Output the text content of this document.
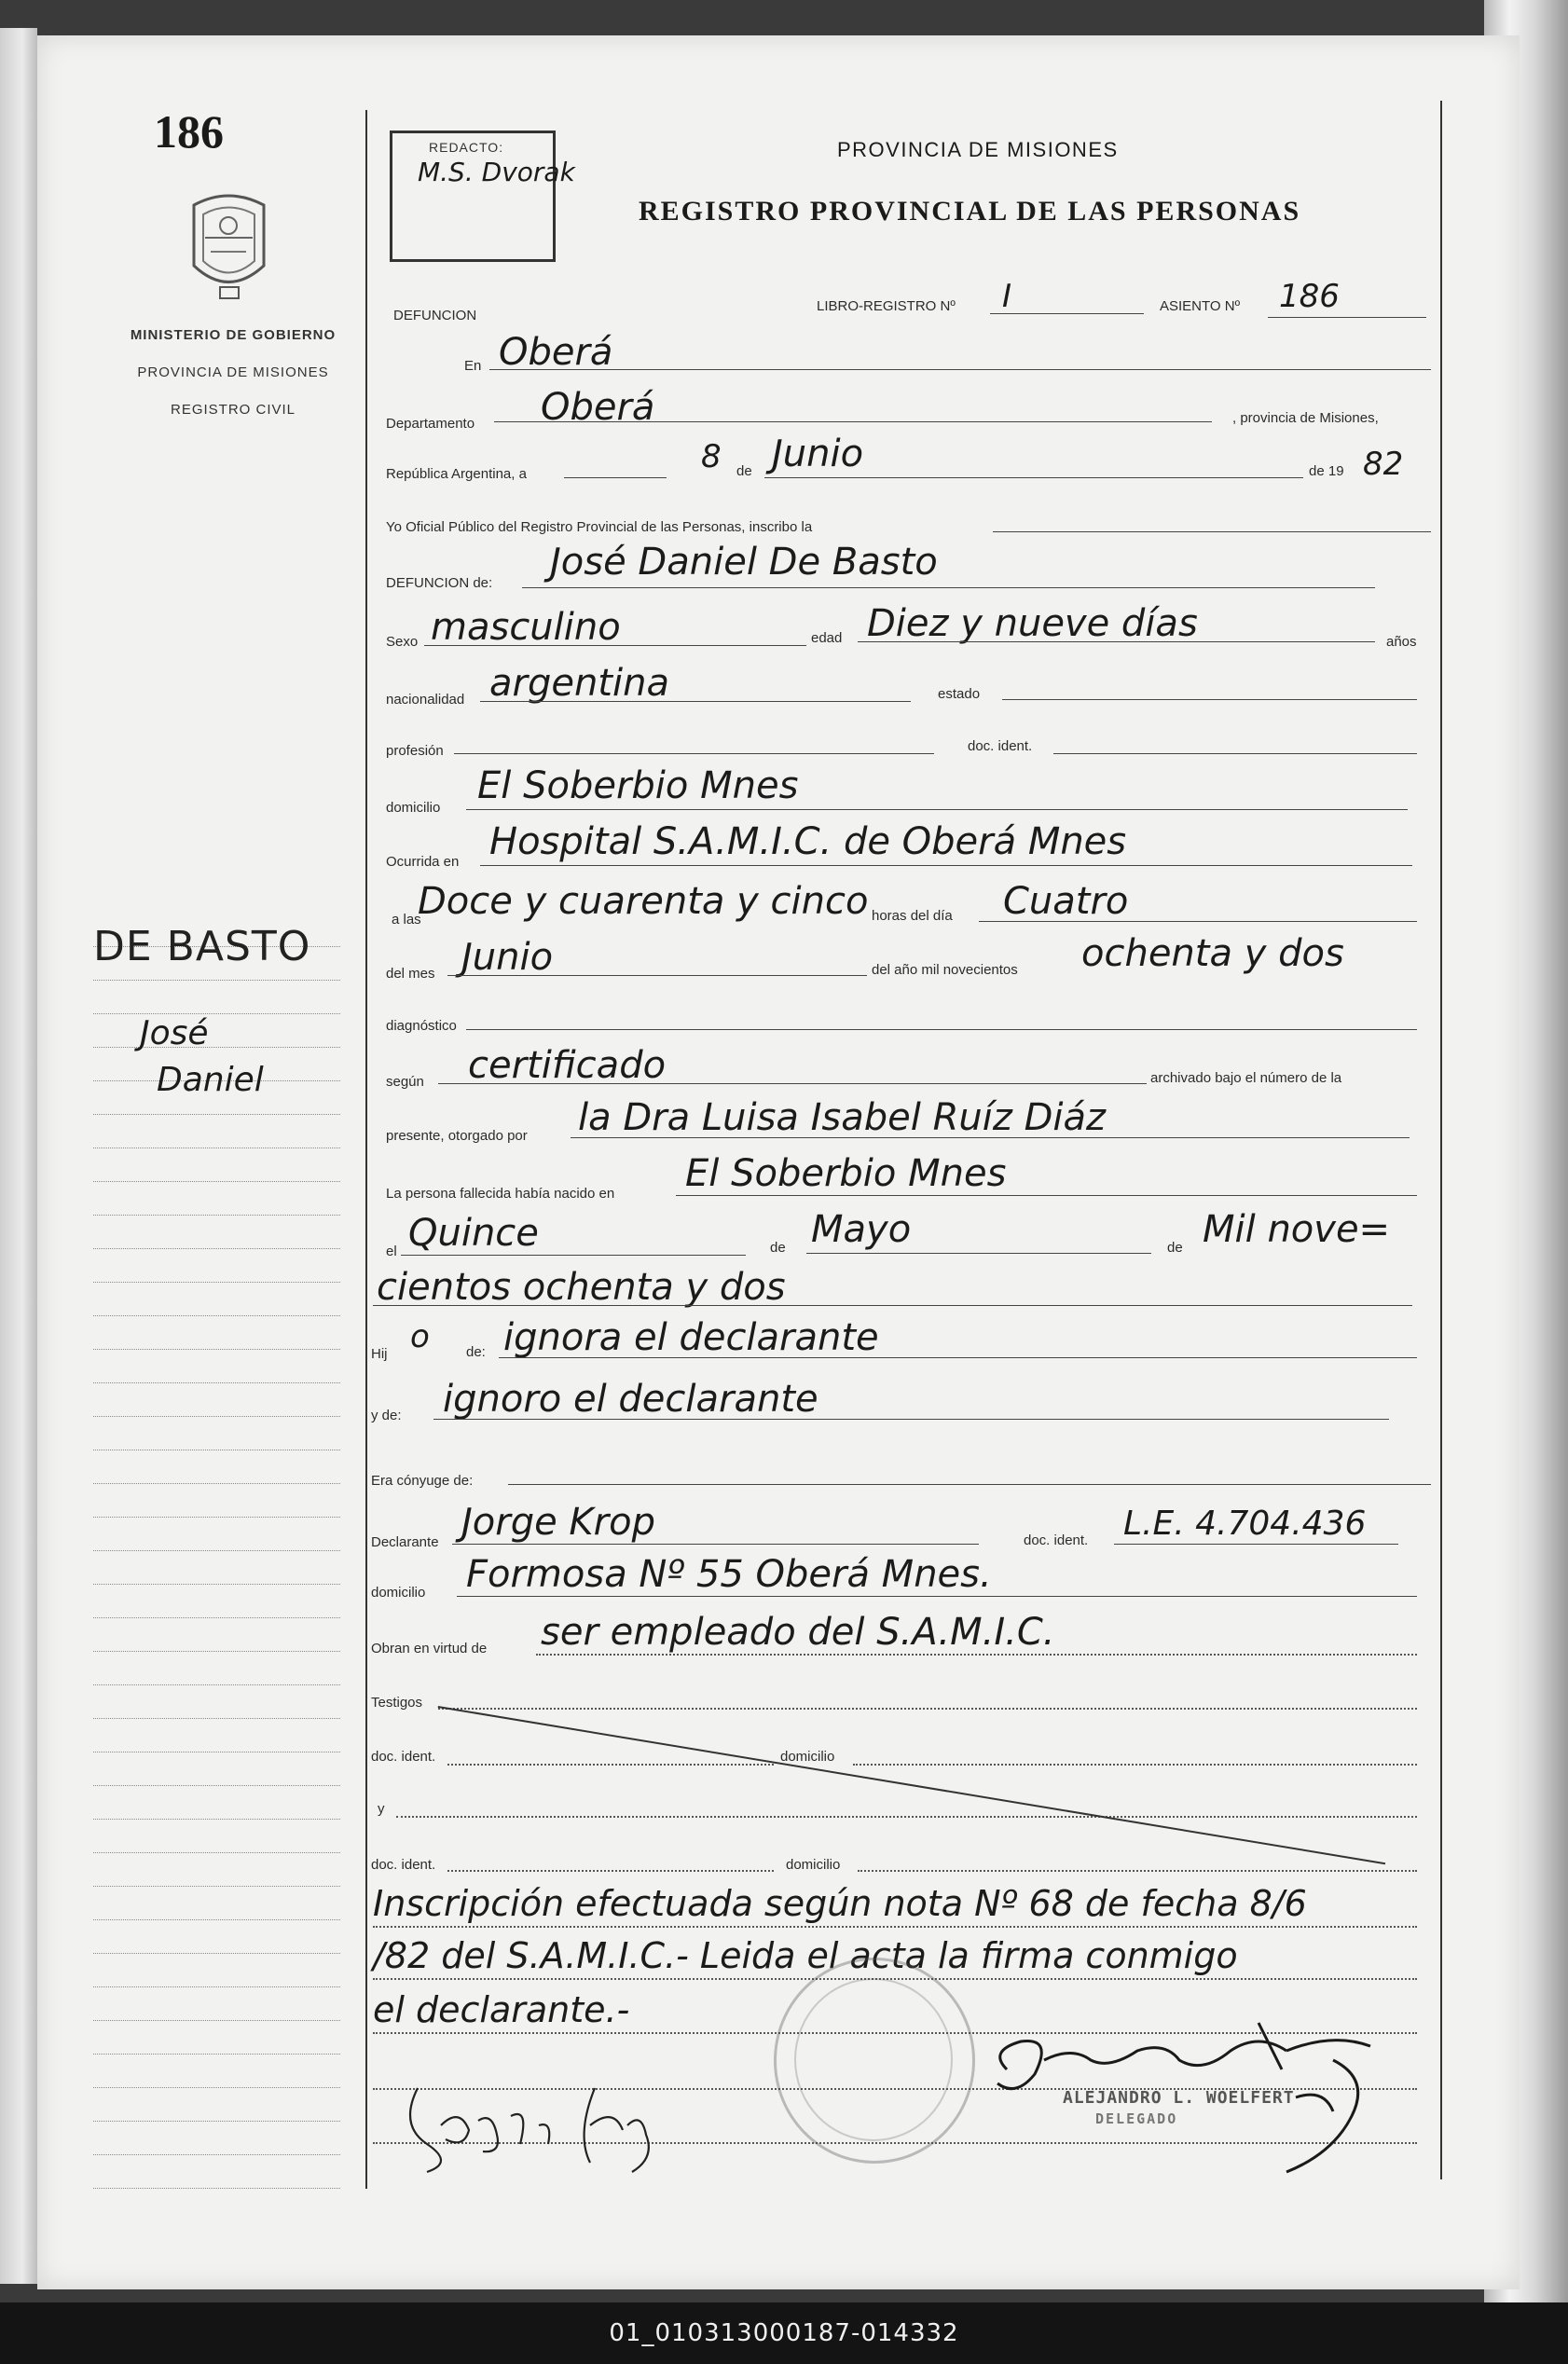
186
MINISTERIO DE GOBIERNO
PROVINCIA DE MISIONES
REGISTRO CIVIL
DE BASTO
José
Daniel
REDACTO:
M.S. Dvorak
PROVINCIA DE MISIONES
REGISTRO PROVINCIAL DE LAS PERSONAS
DEFUNCION
LIBRO-REGISTRO Nº I	ASIENTO Nº 186
En Oberá
Departamento Oberá	, provincia de Misiones,
República Argentina, a	8 de Junio	de 19 82
Yo Oficial Público del Registro Provincial de las Personas, inscribo la
DEFUNCION de: José Daniel De Basto
Sexo masculino	edad Diez y nueve días	años
nacionalidad argentina	estado
profesión	doc. ident.
domicilio
El Soberbio Mnes
Ocurrida en Hospital S.A.M.I.C. de Oberá Mnes
a las
Doce y cuarenta y cinco horas del día Cuatro
del mes Junio	del año mil novecientos ochenta y dos
diagnóstico
según certificado	archivado bajo el número de la
presente, otorgado por la Dra Luisa Isabel Ruíz Diáz
La persona fallecida había nacido en El Soberbio Mnes
el Quince	de Mayo	de Mil nove=
cientos ochenta y dos
Hij o	de: ignora el declarante
y de: ignoro el declarante
Era cónyuge de:
Declarante Jorge Krop	doc. ident. L.E. 4.704.436
domicilio Formosa Nº 55 Oberá Mnes.
Obran en virtud de ser empleado del S.A.M.I.C.
Testigos
doc. ident.	domicilio
y
doc. ident.	domicilio
Inscripción efectuada según nota Nº 68 de fecha 8/6
/82 del S.A.M.I.C.- Leida el acta la firma conmigo
el declarante.-
ALEJANDRO L. WOELFERT
DELEGADO
01_010313000187-014332
